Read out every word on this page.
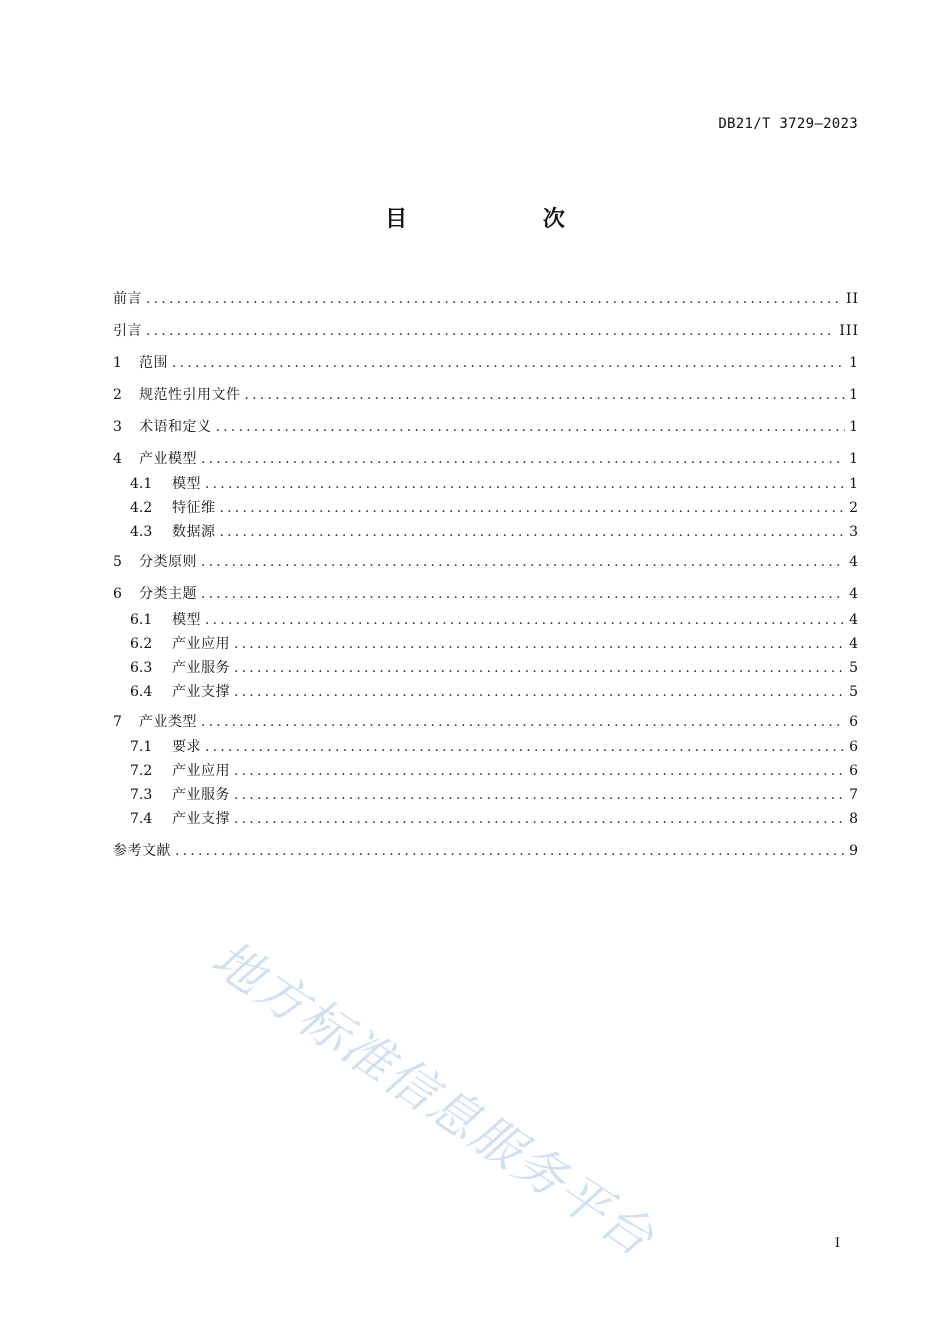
DB21/T 3729—2023
目 次
前言 .....	II
引言 .....	III
1	范围 .....	1
2	规范性引用文件 .....	1
3	术语和定义 .....	1
4	产业模型 .....	1
4.1	模型 .....	1
4.2	特征维 .....	2
4.3	数据源 .....	3
5	分类原则 .....	4
6	分类主题 .....	4
6.1	模型 .....	4
6.2	产业应用 .....	4
6.3	产业服务 .....	5
6.4	产业支撑 .....	5
7	产业类型 .....	6
7.1	要求 .....	6
7.2	产业应用 .....	6
7.3	产业服务 .....	7
7.4	产业支撑 .....	8
参考文献 .....	9
地方标准信息服务平台	I
